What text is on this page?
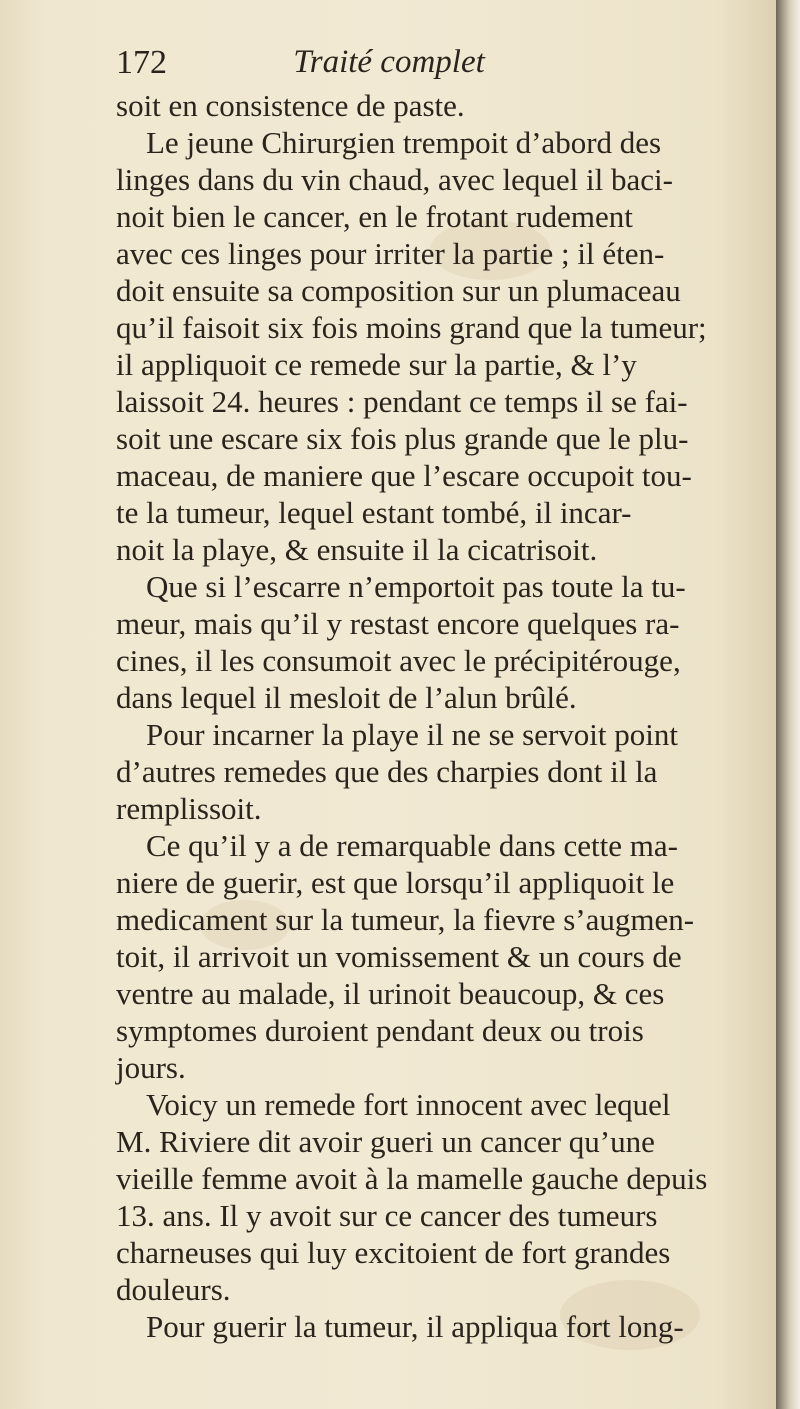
172	Traité complet
soit en consistence de paste.
Le jeune Chirurgien trempoit d’abord des
linges dans du vin chaud, avec lequel il baci-
noit bien le cancer, en le frotant rudement
avec ces linges pour irriter la partie ; il éten-
doit ensuite sa composition sur un plumaceau
qu’il faisoit six fois moins grand que la tumeur;
il appliquoit ce remede sur la partie, & l’y
laissoit 24. heures : pendant ce temps il se fai-
soit une escare six fois plus grande que le plu-
maceau, de maniere que l’escare occupoit tou-
te la tumeur, lequel estant tombé, il incar-
noit la playe, & ensuite il la cicatrisoit.
Que si l’escarre n’emportoit pas toute la tu-
meur, mais qu’il y restast encore quelques ra-
cines, il les consumoit avec le précipitérouge,
dans lequel il mesloit de l’alun brûlé.
Pour incarner la playe il ne se servoit point
d’autres remedes que des charpies dont il la
remplissoit.
Ce qu’il y a de remarquable dans cette ma-
niere de guerir, est que lorsqu’il appliquoit le
medicament sur la tumeur, la fievre s’augmen-
toit, il arrivoit un vomissement & un cours de
ventre au malade, il urinoit beaucoup, & ces
symptomes duroient pendant deux ou trois
jours.
Voicy un remede fort innocent avec lequel
M. Riviere dit avoir gueri un cancer qu’une
vieille femme avoit à la mamelle gauche depuis
13. ans. Il y avoit sur ce cancer des tumeurs
charneuses qui luy excitoient de fort grandes
douleurs.
Pour guerir la tumeur, il appliqua fort long-
